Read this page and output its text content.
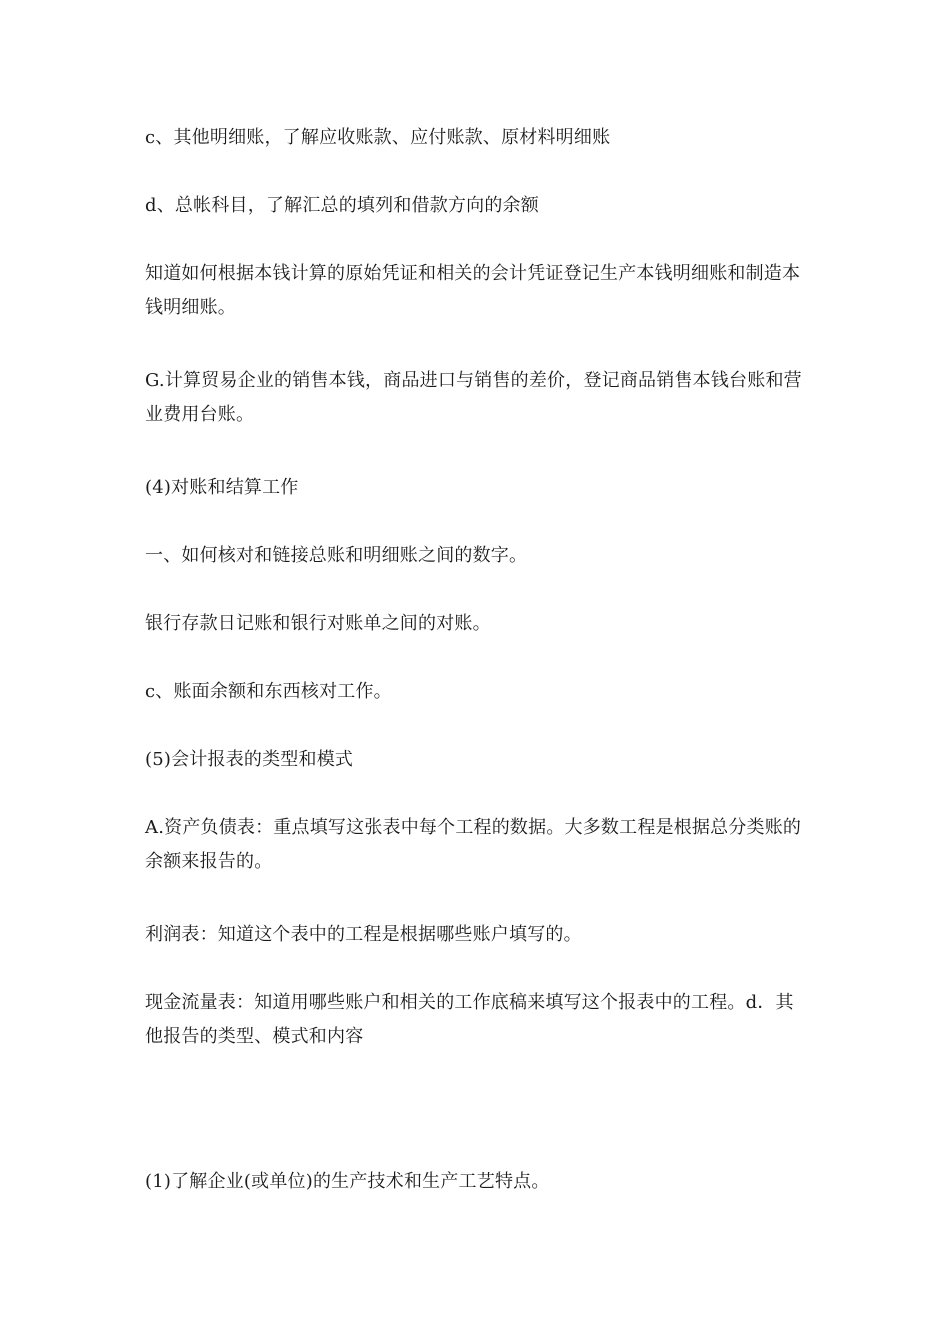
c、其他明细账，了解应收账款、应付账款、原材料明细账

d、总帐科目，了解汇总的填列和借款方向的余额

知道如何根据本钱计算的原始凭证和相关的会计凭证登记生产本钱明细账和制造本钱明细账。

G.计算贸易企业的销售本钱，商品进口与销售的差价，登记商品销售本钱台账和营业费用台账。

(4)对账和结算工作

一、如何核对和链接总账和明细账之间的数字。

银行存款日记账和银行对账单之间的对账。

c、账面余额和东西核对工作。

(5)会计报表的类型和模式

A.资产负债表：重点填写这张表中每个工程的数据。大多数工程是根据总分类账的余额来报告的。

利润表：知道这个表中的工程是根据哪些账户填写的。

现金流量表：知道用哪些账户和相关的工作底稿来填写这个报表中的工程。d．其他报告的类型、模式和内容

(1)了解企业(或单位)的生产技术和生产工艺特点。
